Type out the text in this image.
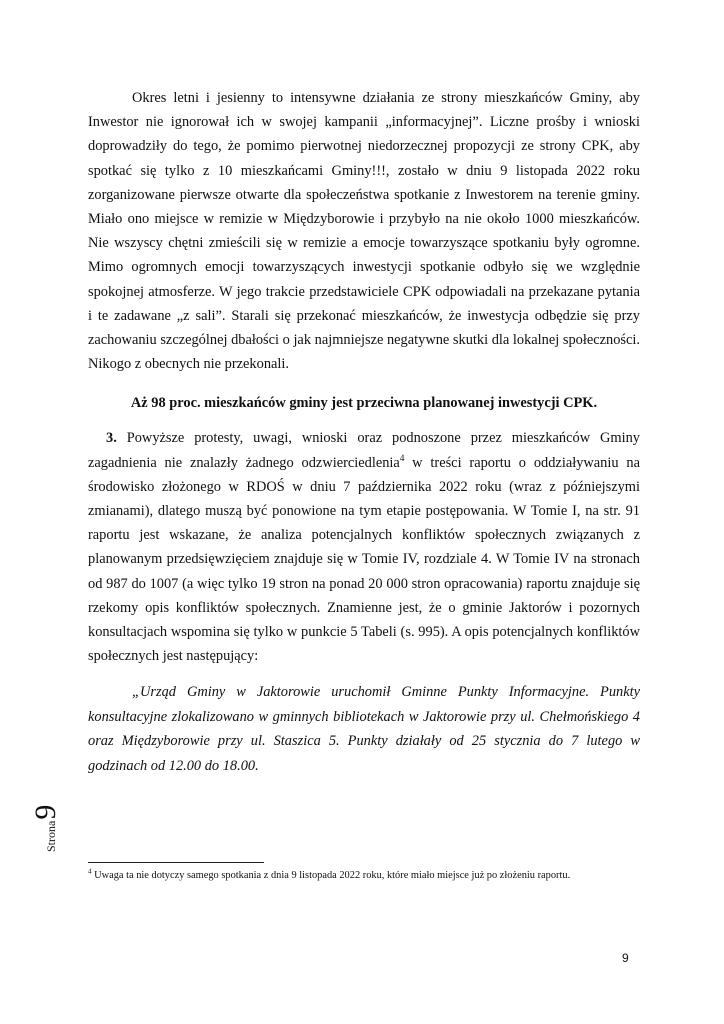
Okres letni i jesienny to intensywne działania ze strony mieszkańców Gminy, aby Inwestor nie ignorował ich w swojej kampanii „informacyjnej”. Liczne prośby i wnioski doprowadziły do tego, że pomimo pierwotnej niedorzecznej propozycji ze strony CPK, aby spotkać się tylko z 10 mieszkańcami Gminy!!!, zostało w dniu 9 listopada 2022 roku zorganizowane pierwsze otwarte dla społeczeństwa spotkanie z Inwestorem na terenie gminy. Miało ono miejsce w remizie w Międzyborowie i przybyło na nie około 1000 mieszkańców. Nie wszyscy chętni zmieścili się w remizie a emocje towarzyszące spotkaniu były ogromne. Mimo ogromnych emocji towarzyszących inwestycji spotkanie odbyło się we względnie spokojnej atmosferze. W jego trakcie przedstawiciele CPK odpowiadali na przekazane pytania i te zadawane „z sali”. Starali się przekonać mieszkańców, że inwestycja odbędzie się przy zachowaniu szczególnej dbałości o jak najmniejsze negatywne skutki dla lokalnej społeczności. Nikogo z obecnych nie przekonali.

Aż 98 proc. mieszkańców gminy jest przeciwna planowanej inwestycji CPK.

3. Powyższe protesty, uwagi, wnioski oraz podnoszone przez mieszkańców Gminy zagadnienia nie znalazły żadnego odzwierciedlenia$^4$ w treści raportu o oddziaływaniu na środowisko złożonego w RDOŚ w dniu 7 października 2022 roku (wraz z późniejszymi zmianami), dlatego muszą być ponowione na tym etapie postępowania. W Tomie I, na str. 91 raportu jest wskazane, że analiza potencjalnych konfliktów społecznych związanych z planowanym przedsięwzięciem znajduje się w Tomie IV, rozdziale 4. W Tomie IV na stronach od 987 do 1007 (a więc tylko 19 stron na ponad 20 000 stron opracowania) raportu znajduje się rzekomy opis konfliktów społecznych. Znamienne jest, że o gminie Jaktorów i pozornych konsultacjach wspomina się tylko w punkcie 5 Tabeli (s. 995). A opis potencjalnych konfliktów społecznych jest następujący:

„Urząd Gminy w Jaktorowie uruchomił Gminne Punkty Informacyjne. Punkty konsultacyjne zlokalizowano w gminnych bibliotekach w Jaktorowie przy ul. Chełmońskiego 4 oraz Międzyborowie przy ul. Staszica 5. Punkty działały od 25 stycznia do 7 lutego w godzinach od 12.00 do 18.00.

Strona9

$^4$ Uwaga ta nie dotyczy samego spotkania z dnia 9 listopada 2022 roku, które miało miejsce już po złożeniu raportu.

9
